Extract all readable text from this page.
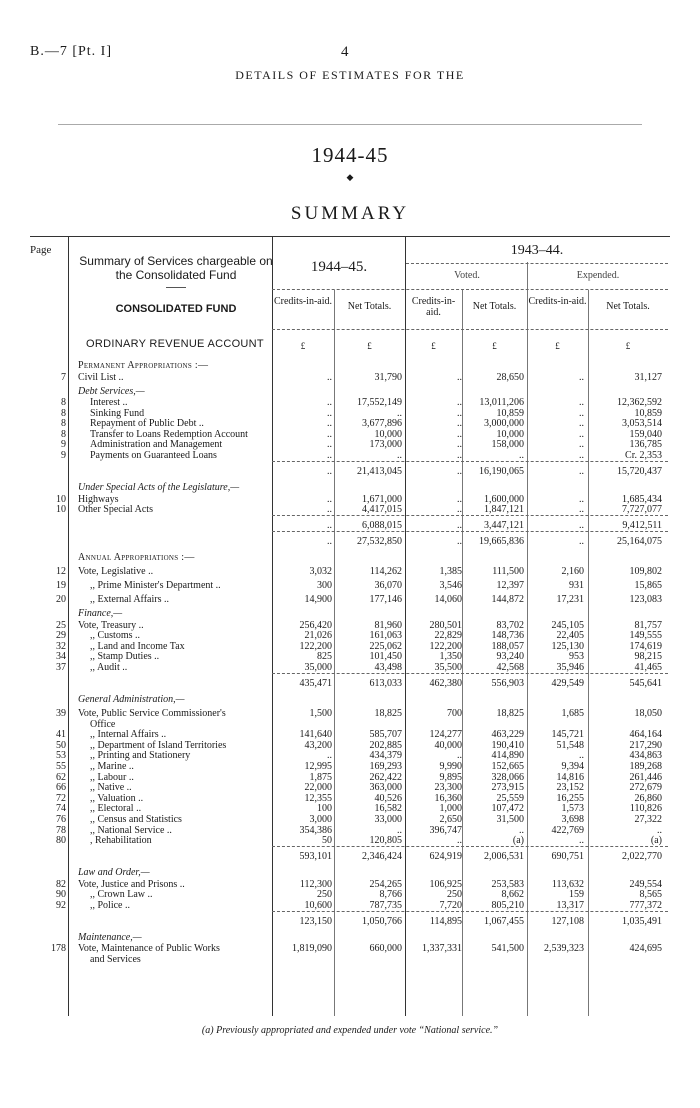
B.—7 [Pt. I]	4
DETAILS OF ESTIMATES FOR THE
1944-45
◆
SUMMARY
Page
Summary of Services chargeable on the Consolidated Fund
CONSOLIDATED FUND
1944–45.
1943–44.
Voted.	Expended.
Credits-in-aid.	Net Totals.	Credits-in-aid.
Net Totals.	Credits-in-aid.	Net Totals.
£	£	£	£	£	£
ORDINARY REVENUE ACCOUNT
Permanent Appropriations :—
7 Civil List ..	..	31,790	..	28,650	..	31,127
Debt Services,—
8 Interest ..	..	17,552,149	..	13,011,206	..	12,362,592
8 Sinking Fund	..	..	..	10,859	..	10,859
8 Repayment of Public Debt ..	..	3,677,896	..	3,000,000	..	3,053,514
8 Transfer to Loans Redemption Account	..	10,000	..	10,000	..	159,040
9 Administration and Management	..	173,000	..	158,000	..	136,785
9 Payments on Guaranteed Loans	..	..	..	..	..	Cr. 2,353
..	21,413,045	..	16,190,065	..	15,720,437
Under Special Acts of the Legislature,—
10 Highways	..	1,671,000	..	1,600,000	..	1,685,434
10 Other Special Acts	..	4,417,015	..	1,847,121	..	7,727,077
..	6,088,015	..	3,447,121	..	9,412,511
..	27,532,850	..	19,665,836	..	25,164,075
Annual Appropriations :—
12 Vote, Legislative ..	3,032	114,262	1,385	111,500	2,160	109,802
19 ,, Prime Minister's Department ..	300	36,070	3,546	12,397	931	15,865
20 ,, External Affairs ..	14,900	177,146	14,060	144,872	17,231	123,083
Finance,—
25 Vote, Treasury ..	256,420	81,960	280,501	83,702	245,105	81,757
29 ,, Customs ..	21,026	161,063	22,829	148,736	22,405	149,555
32 ,, Land and Income Tax	122,200	225,062	122,200	188,057	125,130	174,619
34 ,, Stamp Duties ..	825	101,450	1,350	93,240	953	98,215
37 ,, Audit ..	35,000	43,498	35,500	42,568	35,946	41,465
435,471	613,033	462,380	556,903	429,549	545,641
General Administration,—
39 Vote, Public Service Commissioner's	1,500	18,825	700	18,825	1,685	18,050
Office
41 ,, Internal Affairs ..	141,640	585,707	124,277	463,229	145,721	464,164
50 ,, Department of Island Territories	43,200	202,885	40,000	190,410	51,548	217,290
53 ,, Printing and Stationery	..	434,379	..	414,890	..	434,863
55 ,, Marine ..	12,995	169,293	9,990	152,665	9,394	189,268
62 ,, Labour ..	1,875	262,422	9,895	328,066	14,816	261,446
66 ,, Native ..	22,000	363,000	23,300	273,915	23,152	272,679
72 ,, Valuation ..	12,355	40,526	16,360	25,559	16,255	26,860
74 ,, Electoral ..	100	16,582	1,000	107,472	1,573	110,826
76 ,, Census and Statistics	3,000	33,000	2,650	31,500	3,698	27,322
78 ,, National Service ..	354,386	..	396,747	..	422,769	..
80 , Rehabilitation	50	120,805	..	(a)	..	(a)
593,101	2,346,424	624,919	2,006,531	690,751	2,022,770
Law and Order,—
82 Vote, Justice and Prisons ..	112,300	254,265	106,925	253,583	113,632	249,554
90 ,, Crown Law ..	250	8,766	250	8,662	159	8,565
92 ,, Police ..	10,600	787,735	7,720	805,210	13,317	777,372
123,150	1,050,766	114,895	1,067,455	127,108	1,035,491
Maintenance,—
178 Vote, Maintenance of Public Works	1,819,090	660,000	1,337,331	541,500	2,539,323	424,695
and Services
(a) Previously appropriated and expended under vote “National service.”
